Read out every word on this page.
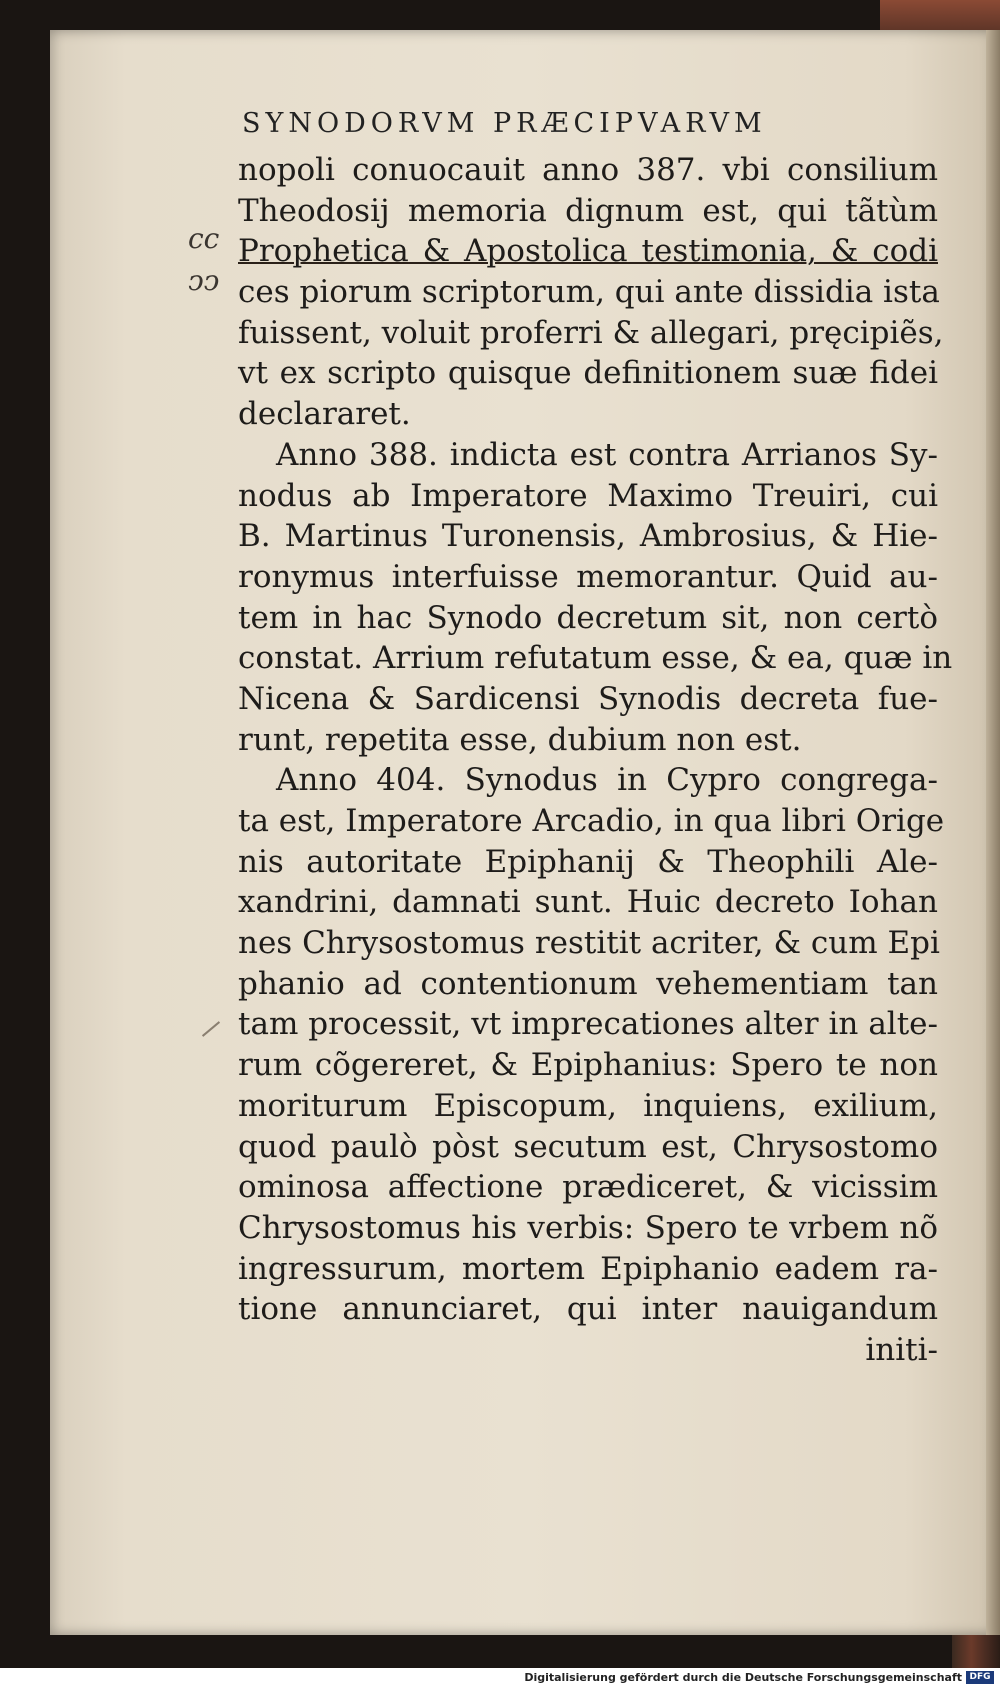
SYNODORVM PRÆCIPVARVM
cc
ↄↄ
nopoli conuocauit anno 387. vbi consilium
Theodosij memoria dignum est, qui tãtùm
Prophetica & Apostolica testimonia, & codi
ces piorum scriptorum, qui ante dissidia ista
fuissent, voluit proferri & allegari, pręcipiẽs,
vt ex scripto quisque definitionem suæ fidei
declararet.
Anno 388. indicta est contra Arrianos Sy-
nodus ab Imperatore Maximo Treuiri, cui
B. Martinus Turonensis, Ambrosius, & Hie-
ronymus interfuisse memorantur. Quid au-
tem in hac Synodo decretum sit, non certò
constat. Arrium refutatum esse, & ea, quæ in
Nicena & Sardicensi Synodis decreta fue-
runt, repetita esse, dubium non est.
Anno 404. Synodus in Cypro congrega-
ta est, Imperatore Arcadio, in qua libri Orige
nis autoritate Epiphanij & Theophili Ale-
xandrini, damnati sunt. Huic decreto Iohan
nes Chrysostomus restitit acriter, & cum Epi
phanio ad contentionum vehementiam tan
tam processit, vt imprecationes alter in alte-
rum cõgereret, & Epiphanius: Spero te non
moriturum Episcopum, inquiens, exilium,
quod paulò pòst secutum est, Chrysostomo
ominosa affectione prædiceret, & vicissim
Chrysostomus his verbis: Spero te vrbem nõ
ingressurum, mortem Epiphanio eadem ra-
tione annunciaret, qui inter nauigandum
initi-
Digitalisierung gefördert durch die Deutsche Forschungsgemeinschaft DFG
